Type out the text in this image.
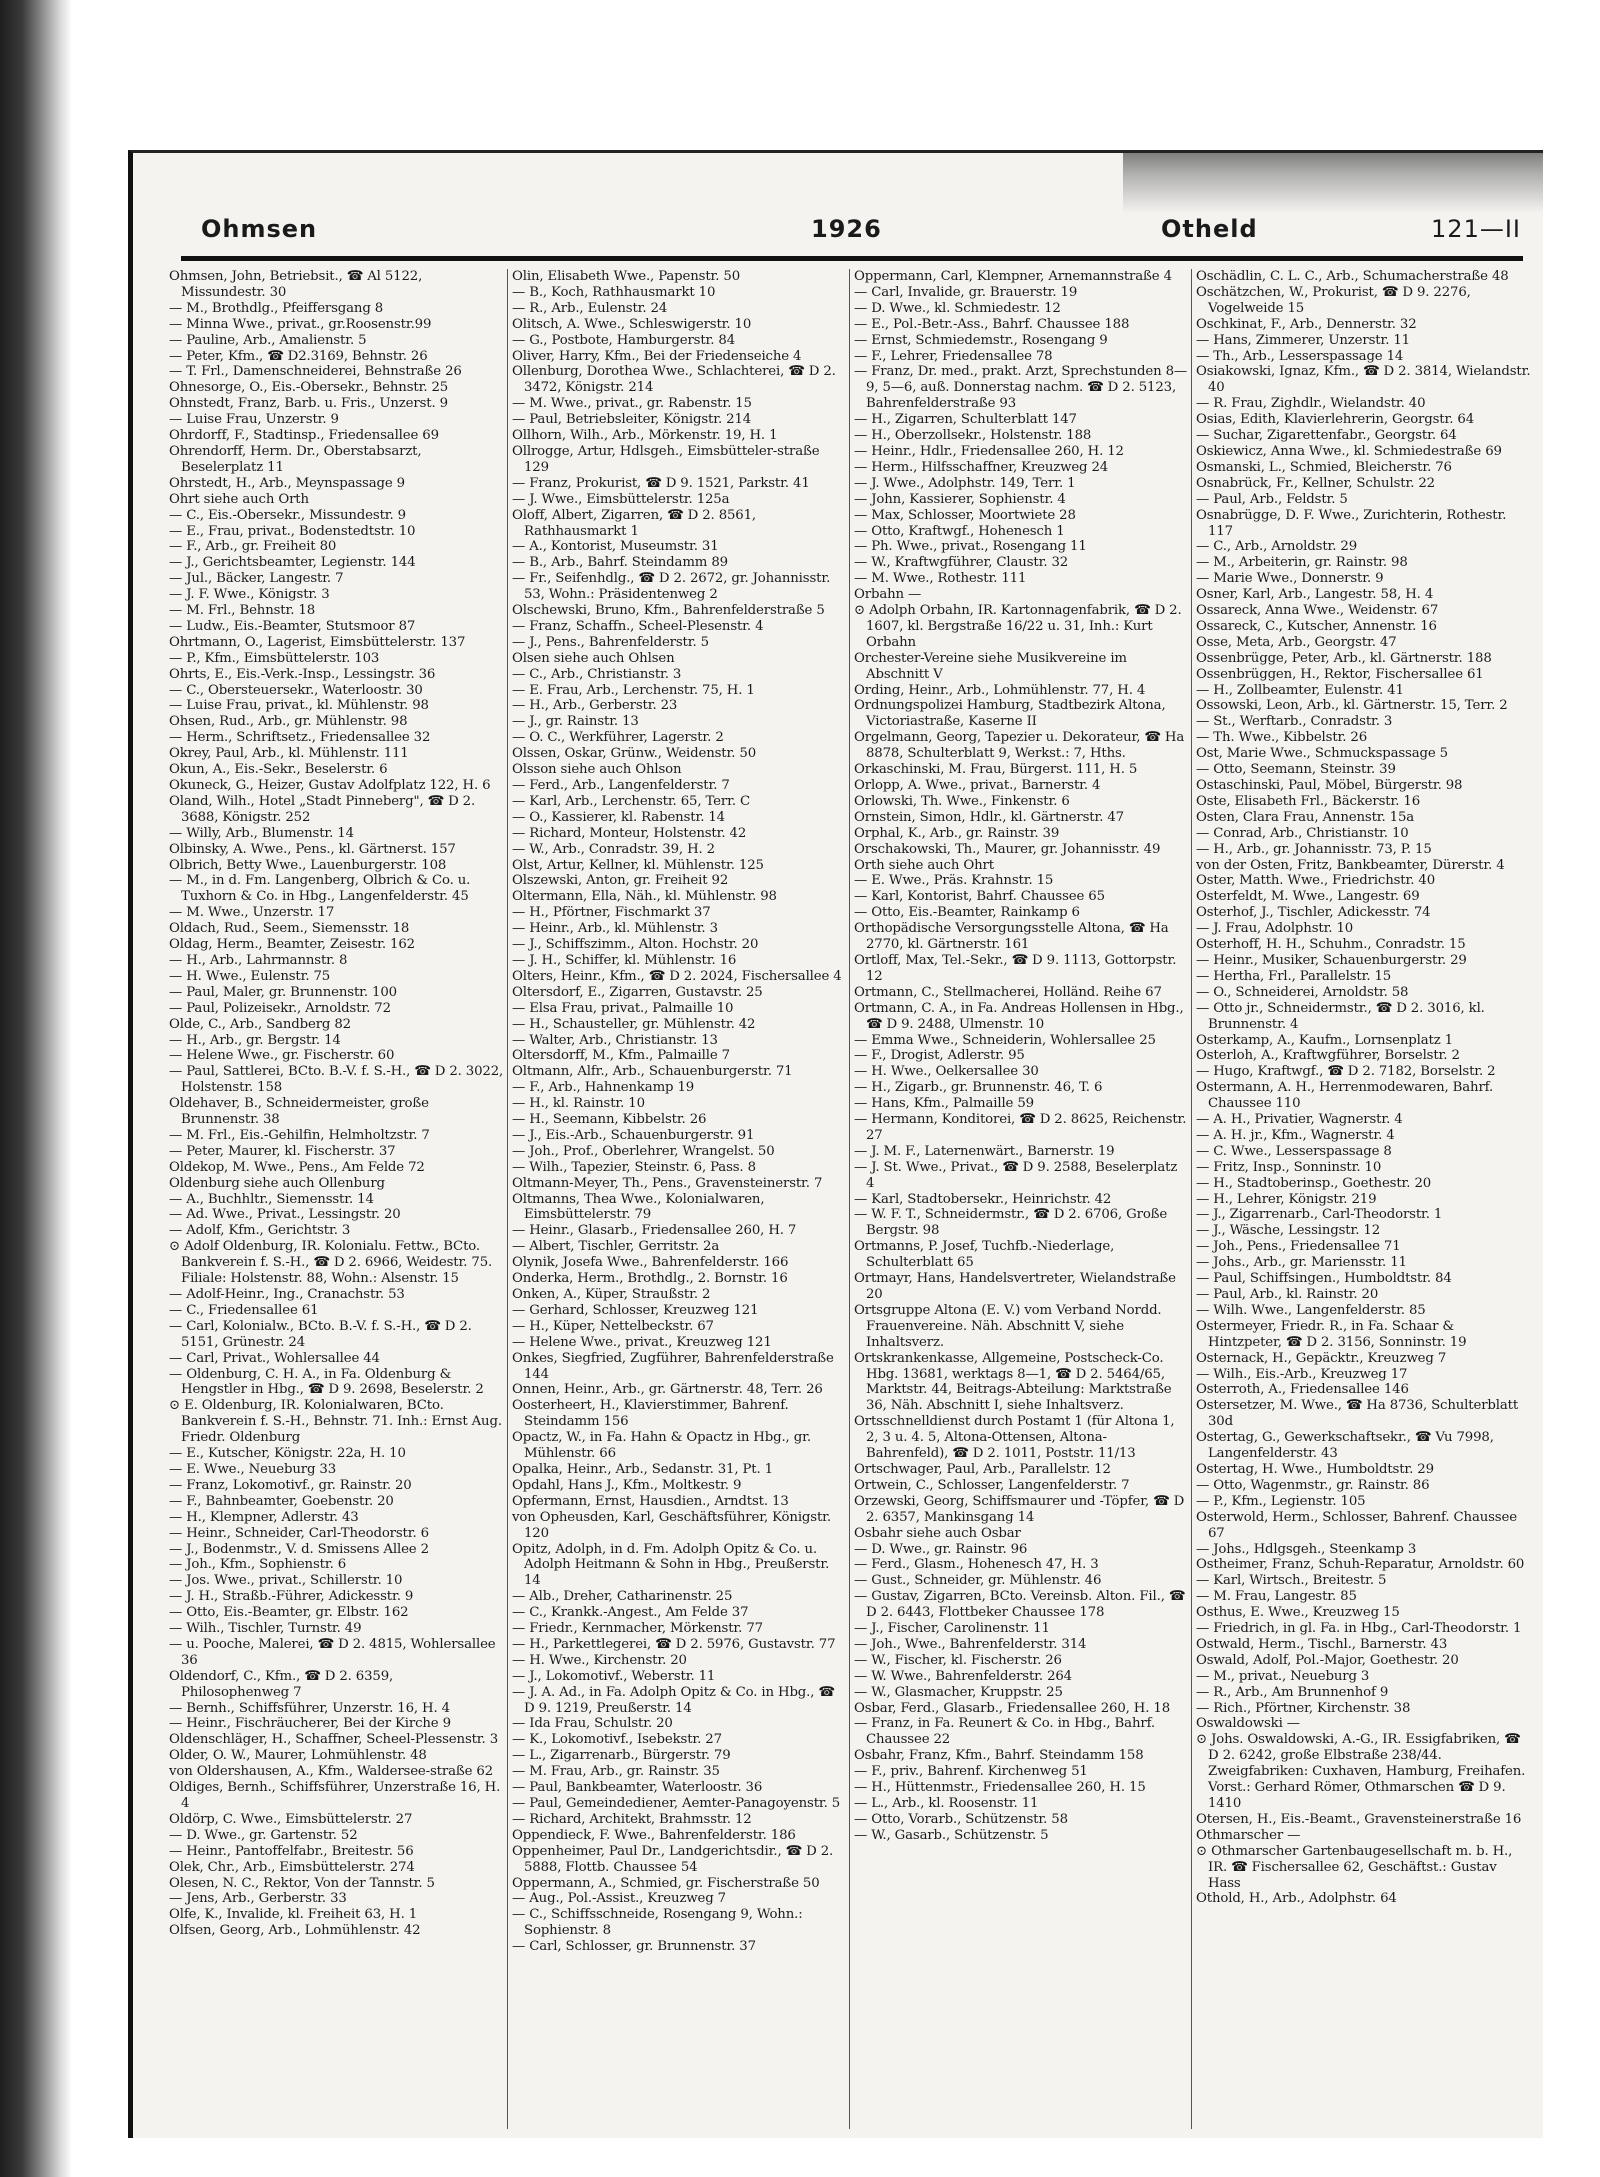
Ohmsen	1926	Otheld	121—II

Ohmsen, John, Betriebsit., ☎ Al 5122, Missundestr. 30

— M., Brothdlg., Pfeiffersgang 8

— Minna Wwe., privat., gr.Roosenstr.99

— Pauline, Arb., Amalienstr. 5

— Peter, Kfm., ☎ D2.3169, Behnstr. 26

— T. Frl., Damenschneiderei, Behnstraße 26

Ohnesorge, O., Eis.-Obersekr., Behnstr. 25

Ohnstedt, Franz, Barb. u. Fris., Unzerst. 9

— Luise Frau, Unzerstr. 9

Ohrdorff, F., Stadtinsp., Friedensallee 69

Ohrendorff, Herm. Dr., Oberstabsarzt, Beselerplatz 11

Ohrstedt, H., Arb., Meynspassage 9

Ohrt siehe auch Orth

— C., Eis.-Obersekr., Missundestr. 9

— E., Frau, privat., Bodenstedtstr. 10

— F., Arb., gr. Freiheit 80

— J., Gerichtsbeamter, Legienstr. 144

— Jul., Bäcker, Langestr. 7

— J. F. Wwe., Königstr. 3

— M. Frl., Behnstr. 18

— Ludw., Eis.-Beamter, Stutsmoor 87

Ohrtmann, O., Lagerist, Eimsbüttelerstr. 137

— P., Kfm., Eimsbüttelerstr. 103

Ohrts, E., Eis.-Verk.-Insp., Lessingstr. 36

— C., Obersteuersekr., Waterloostr. 30

— Luise Frau, privat., kl. Mühlenstr. 98

Ohsen, Rud., Arb., gr. Mühlenstr. 98

— Herm., Schriftsetz., Friedensallee 32

Okrey, Paul, Arb., kl. Mühlenstr. 111

Okun, A., Eis.-Sekr., Beselerstr. 6

Okuneck, G., Heizer, Gustav Adolfplatz 122, H. 6

Oland, Wilh., Hotel „Stadt Pinneberg", ☎ D 2. 3688, Königstr. 252

— Willy, Arb., Blumenstr. 14

Olbinsky, A. Wwe., Pens., kl. Gärtnerst. 157

Olbrich, Betty Wwe., Lauenburgerstr. 108

— M., in d. Fm. Langenberg, Olbrich & Co. u. Tuxhorn & Co. in Hbg., Langenfelderstr. 45

— M. Wwe., Unzerstr. 17

Oldach, Rud., Seem., Siemensstr. 18

Oldag, Herm., Beamter, Zeisestr. 162

— H., Arb., Lahrmannstr. 8

— H. Wwe., Eulenstr. 75

— Paul, Maler, gr. Brunnenstr. 100

— Paul, Polizeisekr., Arnoldstr. 72

Olde, C., Arb., Sandberg 82

— H., Arb., gr. Bergstr. 14

— Helene Wwe., gr. Fischerstr. 60

— Paul, Sattlerei, BCto. B.-V. f. S.-H., ☎ D 2. 3022, Holstenstr. 158

Oldehaver, B., Schneidermeister, große Brunnenstr. 38

— M. Frl., Eis.-Gehilfin, Helmholtzstr. 7

— Peter, Maurer, kl. Fischerstr. 37

Oldekop, M. Wwe., Pens., Am Felde 72

Oldenburg siehe auch Ollenburg

— A., Buchhltr., Siemensstr. 14

— Ad. Wwe., Privat., Lessingstr. 20

— Adolf, Kfm., Gerichtstr. 3

⊙ Adolf Oldenburg, IR. Kolonialu. Fettw., BCto. Bankverein f. S.-H., ☎ D 2. 6966, Weidestr. 75. Filiale: Holstenstr. 88, Wohn.: Alsenstr. 15

— Adolf-Heinr., Ing., Cranachstr. 53

— C., Friedensallee 61

— Carl, Kolonialw., BCto. B.-V. f. S.-H., ☎ D 2. 5151, Grünestr. 24

— Carl, Privat., Wohlersallee 44

— Oldenburg, C. H. A., in Fa. Oldenburg & Hengstler in Hbg., ☎ D 9. 2698, Beselerstr. 2

⊙ E. Oldenburg, IR. Kolonialwaren, BCto. Bankverein f. S.-H., Behnstr. 71. Inh.: Ernst Aug. Friedr. Oldenburg

— E., Kutscher, Königstr. 22a, H. 10

— E. Wwe., Neueburg 33

— Franz, Lokomotivf., gr. Rainstr. 20

— F., Bahnbeamter, Goebenstr. 20

— H., Klempner, Adlerstr. 43

— Heinr., Schneider, Carl-Theodorstr. 6

— J., Bodenmstr., V. d. Smissens Allee 2

— Joh., Kfm., Sophienstr. 6

— Jos. Wwe., privat., Schillerstr. 10

— J. H., Straßb.-Führer, Adickesstr. 9

— Otto, Eis.-Beamter, gr. Elbstr. 162

— Wilh., Tischler, Turnstr. 49

— u. Pooche, Malerei, ☎ D 2. 4815, Wohlersallee 36

Oldendorf, C., Kfm., ☎ D 2. 6359, Philosophenweg 7

— Bernh., Schiffsführer, Unzerstr. 16, H. 4

— Heinr., Fischräucherer, Bei der Kirche 9

Oldenschläger, H., Schaffner, Scheel-Plessenstr. 3

Older, O. W., Maurer, Lohmühlenstr. 48

von Oldershausen, A., Kfm., Waldersee-straße 62

Oldiges, Bernh., Schiffsführer, Unzerstraße 16, H. 4

Oldörp, C. Wwe., Eimsbüttelerstr. 27

— D. Wwe., gr. Gartenstr. 52

— Heinr., Pantoffelfabr., Breitestr. 56

Olek, Chr., Arb., Eimsbüttelerstr. 274

Olesen, N. C., Rektor, Von der Tannstr. 5

— Jens, Arb., Gerberstr. 33

Olfe, K., Invalide, kl. Freiheit 63, H. 1

Olfsen, Georg, Arb., Lohmühlenstr. 42

Olin, Elisabeth Wwe., Papenstr. 50

— B., Koch, Rathhausmarkt 10

— R., Arb., Eulenstr. 24

Olitsch, A. Wwe., Schleswigerstr. 10

— G., Postbote, Hamburgerstr. 84

Oliver, Harry, Kfm., Bei der Friedenseiche 4

Ollenburg, Dorothea Wwe., Schlachterei, ☎ D 2. 3472, Königstr. 214

— M. Wwe., privat., gr. Rabenstr. 15

— Paul, Betriebsleiter, Königstr. 214

Ollhorn, Wilh., Arb., Mörkenstr. 19, H. 1

Ollrogge, Artur, Hdlsgeh., Eimsbütteler-straße 129

— Franz, Prokurist, ☎ D 9. 1521, Parkstr. 41

— J. Wwe., Eimsbüttelerstr. 125a

Oloff, Albert, Zigarren, ☎ D 2. 8561, Rathhausmarkt 1

— A., Kontorist, Museumstr. 31

— B., Arb., Bahrf. Steindamm 89

— Fr., Seifenhdlg., ☎ D 2. 2672, gr. Johannisstr. 53, Wohn.: Präsidentenweg 2

Olschewski, Bruno, Kfm., Bahrenfelderstraße 5

— Franz, Schaffn., Scheel-Plesenstr. 4

— J., Pens., Bahrenfelderstr. 5

Olsen siehe auch Ohlsen

— C., Arb., Christianstr. 3

— E. Frau, Arb., Lerchenstr. 75, H. 1

— H., Arb., Gerberstr. 23

— J., gr. Rainstr. 13

— O. C., Werkführer, Lagerstr. 2

Olssen, Oskar, Grünw., Weidenstr. 50

Olsson siehe auch Ohlson

— Ferd., Arb., Langenfelderstr. 7

— Karl, Arb., Lerchenstr. 65, Terr. C

— O., Kassierer, kl. Rabenstr. 14

— Richard, Monteur, Holstenstr. 42

— W., Arb., Conradstr. 39, H. 2

Olst, Artur, Kellner, kl. Mühlenstr. 125

Olszewski, Anton, gr. Freiheit 92

Oltermann, Ella, Näh., kl. Mühlenstr. 98

— H., Pförtner, Fischmarkt 37

— Heinr., Arb., kl. Mühlenstr. 3

— J., Schiffszimm., Alton. Hochstr. 20

— J. H., Schiffer, kl. Mühlenstr. 16

Olters, Heinr., Kfm., ☎ D 2. 2024, Fischersallee 4

Oltersdorf, E., Zigarren, Gustavstr. 25

— Elsa Frau, privat., Palmaille 10

— H., Schausteller, gr. Mühlenstr. 42

— Walter, Arb., Christianstr. 13

Oltersdorff, M., Kfm., Palmaille 7

Oltmann, Alfr., Arb., Schauenburgerstr. 71

— F., Arb., Hahnenkamp 19

— H., kl. Rainstr. 10

— H., Seemann, Kibbelstr. 26

— J., Eis.-Arb., Schauenburgerstr. 91

— Joh., Prof., Oberlehrer, Wrangelst. 50

— Wilh., Tapezier, Steinstr. 6, Pass. 8

Oltmann-Meyer, Th., Pens., Gravensteinerstr. 7

Oltmanns, Thea Wwe., Kolonialwaren, Eimsbüttelerstr. 79

— Heinr., Glasarb., Friedensallee 260, H. 7

— Albert, Tischler, Gerritstr. 2a

Olynik, Josefa Wwe., Bahrenfelderstr. 166

Onderka, Herm., Brothdlg., 2. Bornstr. 16

Onken, A., Küper, Straußstr. 2

— Gerhard, Schlosser, Kreuzweg 121

— H., Küper, Nettelbeckstr. 67

— Helene Wwe., privat., Kreuzweg 121

Onkes, Siegfried, Zugführer, Bahrenfelderstraße 144

Onnen, Heinr., Arb., gr. Gärtnerstr. 48, Terr. 26

Oosterheert, H., Klavierstimmer, Bahrenf. Steindamm 156

Opactz, W., in Fa. Hahn & Opactz in Hbg., gr. Mühlenstr. 66

Opalka, Heinr., Arb., Sedanstr. 31, Pt. 1

Opdahl, Hans J., Kfm., Moltkestr. 9

Opfermann, Ernst, Hausdien., Arndtst. 13

von Opheusden, Karl, Geschäftsführer, Königstr. 120

Opitz, Adolph, in d. Fm. Adolph Opitz & Co. u. Adolph Heitmann & Sohn in Hbg., Preußerstr. 14

— Alb., Dreher, Catharinenstr. 25

— C., Krankk.-Angest., Am Felde 37

— Friedr., Kernmacher, Mörkenstr. 77

— H., Parkettlegerei, ☎ D 2. 5976, Gustavstr. 77

— H. Wwe., Kirchenstr. 20

— J., Lokomotivf., Weberstr. 11

— J. A. Ad., in Fa. Adolph Opitz & Co. in Hbg., ☎ D 9. 1219, Preußerstr. 14

— Ida Frau, Schulstr. 20

— K., Lokomotivf., Isebekstr. 27

— L., Zigarrenarb., Bürgerstr. 79

— M. Frau, Arb., gr. Rainstr. 35

— Paul, Bankbeamter, Waterloostr. 36

— Paul, Gemeindediener, Aemter-Panagoyenstr. 5

— Richard, Architekt, Brahmsstr. 12

Oppendieck, F. Wwe., Bahrenfelderstr. 186

Oppenheimer, Paul Dr., Landgerichtsdir., ☎ D 2. 5888, Flottb. Chaussee 54

Oppermann, A., Schmied, gr. Fischerstraße 50

— Aug., Pol.-Assist., Kreuzweg 7

— C., Schiffsschneide, Rosengang 9, Wohn.: Sophienstr. 8

— Carl, Schlosser, gr. Brunnenstr. 37

Oppermann, Carl, Klempner, Arnemannstraße 4

— Carl, Invalide, gr. Brauerstr. 19

— D. Wwe., kl. Schmiedestr. 12

— E., Pol.-Betr.-Ass., Bahrf. Chaussee 188

— Ernst, Schmiedemstr., Rosengang 9

— F., Lehrer, Friedensallee 78

— Franz, Dr. med., prakt. Arzt, Sprechstunden 8—9, 5—6, auß. Donnerstag nachm. ☎ D 2. 5123, Bahrenfelderstraße 93

— H., Zigarren, Schulterblatt 147

— H., Oberzollsekr., Holstenstr. 188

— Heinr., Hdlr., Friedensallee 260, H. 12

— Herm., Hilfsschaffner, Kreuzweg 24

— J. Wwe., Adolphstr. 149, Terr. 1

— John, Kassierer, Sophienstr. 4

— Max, Schlosser, Moortwiete 28

— Otto, Kraftwgf., Hohenesch 1

— Ph. Wwe., privat., Rosengang 11

— W., Kraftwgführer, Claustr. 32

— M. Wwe., Rothestr. 111

Orbahn —

⊙ Adolph Orbahn, IR. Kartonnagenfabrik, ☎ D 2. 1607, kl. Bergstraße 16/22 u. 31, Inh.: Kurt Orbahn

Orchester-Vereine siehe Musikvereine im Abschnitt V

Ording, Heinr., Arb., Lohmühlenstr. 77, H. 4

Ordnungspolizei Hamburg, Stadtbezirk Altona, Victoriastraße, Kaserne II

Orgelmann, Georg, Tapezier u. Dekorateur, ☎ Ha 8878, Schulterblatt 9, Werkst.: 7, Hths.

Orkaschinski, M. Frau, Bürgerst. 111, H. 5

Orlopp, A. Wwe., privat., Barnerstr. 4

Orlowski, Th. Wwe., Finkenstr. 6

Ornstein, Simon, Hdlr., kl. Gärtnerstr. 47

Orphal, K., Arb., gr. Rainstr. 39

Orschakowski, Th., Maurer, gr. Johannisstr. 49

Orth siehe auch Ohrt

— E. Wwe., Präs. Krahnstr. 15

— Karl, Kontorist, Bahrf. Chaussee 65

— Otto, Eis.-Beamter, Rainkamp 6

Orthopädische Versorgungsstelle Altona, ☎ Ha 2770, kl. Gärtnerstr. 161

Ortloff, Max, Tel.-Sekr., ☎ D 9. 1113, Gottorpstr. 12

Ortmann, C., Stellmacherei, Holländ. Reihe 67

Ortmann, C. A., in Fa. Andreas Hollensen in Hbg., ☎ D 9. 2488, Ulmenstr. 10

— Emma Wwe., Schneiderin, Wohlersallee 25

— F., Drogist, Adlerstr. 95

— H. Wwe., Oelkersallee 30

— H., Zigarb., gr. Brunnenstr. 46, T. 6

— Hans, Kfm., Palmaille 59

— Hermann, Konditorei, ☎ D 2. 8625, Reichenstr. 27

— J. M. F., Laternenwärt., Barnerstr. 19

— J. St. Wwe., Privat., ☎ D 9. 2588, Beselerplatz 4

— Karl, Stadtobersekr., Heinrichstr. 42

— W. F. T., Schneidermstr., ☎ D 2. 6706, Große Bergstr. 98

Ortmanns, P. Josef, Tuchfb.-Niederlage, Schulterblatt 65

Ortmayr, Hans, Handelsvertreter, Wielandstraße 20

Ortsgruppe Altona (E. V.) vom Verband Nordd. Frauenvereine. Näh. Abschnitt V, siehe Inhaltsverz.

Ortskrankenkasse, Allgemeine, Postscheck-Co. Hbg. 13681, werktags 8—1, ☎ D 2. 5464/65, Marktstr. 44, Beitrags-Abteilung: Marktstraße 36, Näh. Abschnitt I, siehe Inhaltsverz.

Ortsschnelldienst durch Postamt 1 (für Altona 1, 2, 3 u. 4. 5, Altona-Ottensen, Altona-Bahrenfeld), ☎ D 2. 1011, Poststr. 11/13

Ortschwager, Paul, Arb., Parallelstr. 12

Ortwein, C., Schlosser, Langenfelderstr. 7

Orzewski, Georg, Schiffsmaurer und -Töpfer, ☎ D 2. 6357, Mankinsgang 14

Osbahr siehe auch Osbar

— D. Wwe., gr. Rainstr. 96

— Ferd., Glasm., Hohenesch 47, H. 3

— Gust., Schneider, gr. Mühlenstr. 46

— Gustav, Zigarren, BCto. Vereinsb. Alton. Fil., ☎ D 2. 6443, Flottbeker Chaussee 178

— J., Fischer, Carolinenstr. 11

— Joh., Wwe., Bahrenfelderstr. 314

— W., Fischer, kl. Fischerstr. 26

— W. Wwe., Bahrenfelderstr. 264

— W., Glasmacher, Kruppstr. 25

Osbar, Ferd., Glasarb., Friedensallee 260, H. 18

— Franz, in Fa. Reunert & Co. in Hbg., Bahrf. Chaussee 22

Osbahr, Franz, Kfm., Bahrf. Steindamm 158

— F., priv., Bahrenf. Kirchenweg 51

— H., Hüttenmstr., Friedensallee 260, H. 15

— L., Arb., kl. Roosenstr. 11

— Otto, Vorarb., Schützenstr. 58

— W., Gasarb., Schützenstr. 5

Oschädlin, C. L. C., Arb., Schumacherstraße 48

Oschätzchen, W., Prokurist, ☎ D 9. 2276, Vogelweide 15

Oschkinat, F., Arb., Dennerstr. 32

— Hans, Zimmerer, Unzerstr. 11

— Th., Arb., Lesserspassage 14

Osiakowski, Ignaz, Kfm., ☎ D 2. 3814, Wielandstr. 40

— R. Frau, Zighdlr., Wielandstr. 40

Osias, Edith, Klavierlehrerin, Georgstr. 64

— Suchar, Zigarettenfabr., Georgstr. 64

Oskiewicz, Anna Wwe., kl. Schmiedestraße 69

Osmanski, L., Schmied, Bleicherstr. 76

Osnabrück, Fr., Kellner, Schulstr. 22

— Paul, Arb., Feldstr. 5

Osnabrügge, D. F. Wwe., Zurichterin, Rothestr. 117

— C., Arb., Arnoldstr. 29

— M., Arbeiterin, gr. Rainstr. 98

— Marie Wwe., Donnerstr. 9

Osner, Karl, Arb., Langestr. 58, H. 4

Ossareck, Anna Wwe., Weidenstr. 67

Ossareck, C., Kutscher, Annenstr. 16

Osse, Meta, Arb., Georgstr. 47

Ossenbrügge, Peter, Arb., kl. Gärtnerstr. 188

Ossenbrüggen, H., Rektor, Fischersallee 61

— H., Zollbeamter, Eulenstr. 41

Ossowski, Leon, Arb., kl. Gärtnerstr. 15, Terr. 2

— St., Werftarb., Conradstr. 3

— Th. Wwe., Kibbelstr. 26

Ost, Marie Wwe., Schmuckspassage 5

— Otto, Seemann, Steinstr. 39

Ostaschinski, Paul, Möbel, Bürgerstr. 98

Oste, Elisabeth Frl., Bäckerstr. 16

Osten, Clara Frau, Annenstr. 15a

— Conrad, Arb., Christianstr. 10

— H., Arb., gr. Johannisstr. 73, P. 15

von der Osten, Fritz, Bankbeamter, Dürerstr. 4

Oster, Matth. Wwe., Friedrichstr. 40

Osterfeldt, M. Wwe., Langestr. 69

Osterhof, J., Tischler, Adickesstr. 74

— J. Frau, Adolphstr. 10

Osterhoff, H. H., Schuhm., Conradstr. 15

— Heinr., Musiker, Schauenburgerstr. 29

— Hertha, Frl., Parallelstr. 15

— O., Schneiderei, Arnoldstr. 58

— Otto jr., Schneidermstr., ☎ D 2. 3016, kl. Brunnenstr. 4

Osterkamp, A., Kaufm., Lornsenplatz 1

Osterloh, A., Kraftwgführer, Borselstr. 2

— Hugo, Kraftwgf., ☎ D 2. 7182, Borselstr. 2

Ostermann, A. H., Herrenmodewaren, Bahrf. Chaussee 110

— A. H., Privatier, Wagnerstr. 4

— A. H. jr., Kfm., Wagnerstr. 4

— C. Wwe., Lesserspassage 8

— Fritz, Insp., Sonninstr. 10

— H., Stadtoberinsp., Goethestr. 20

— H., Lehrer, Königstr. 219

— J., Zigarrenarb., Carl-Theodorstr. 1

— J., Wäsche, Lessingstr. 12

— Joh., Pens., Friedensallee 71

— Johs., Arb., gr. Mariensstr. 11

— Paul, Schiffsingen., Humboldtstr. 84

— Paul, Arb., kl. Rainstr. 20

— Wilh. Wwe., Langenfelderstr. 85

Ostermeyer, Friedr. R., in Fa. Schaar & Hintzpeter, ☎ D 2. 3156, Sonninstr. 19

Osternack, H., Gepäcktr., Kreuzweg 7

— Wilh., Eis.-Arb., Kreuzweg 17

Osterroth, A., Friedensallee 146

Ostersetzer, M. Wwe., ☎ Ha 8736, Schulterblatt 30d

Ostertag, G., Gewerkschaftsekr., ☎ Vu 7998, Langenfelderstr. 43

Ostertag, H. Wwe., Humboldtstr. 29

— Otto, Wagenmstr., gr. Rainstr. 86

— P., Kfm., Legienstr. 105

Osterwold, Herm., Schlosser, Bahrenf. Chaussee 67

— Johs., Hdlgsgeh., Steenkamp 3

Ostheimer, Franz, Schuh-Reparatur, Arnoldstr. 60

— Karl, Wirtsch., Breitestr. 5

— M. Frau, Langestr. 85

Osthus, E. Wwe., Kreuzweg 15

— Friedrich, in gl. Fa. in Hbg., Carl-Theodorstr. 1

Ostwald, Herm., Tischl., Barnerstr. 43

Oswald, Adolf, Pol.-Major, Goethestr. 20

— M., privat., Neueburg 3

— R., Arb., Am Brunnenhof 9

— Rich., Pförtner, Kirchenstr. 38

Oswaldowski —

⊙ Johs. Oswaldowski, A.-G., IR. Essigfabriken, ☎ D 2. 6242, große Elbstraße 238/44. Zweigfabriken: Cuxhaven, Hamburg, Freihafen. Vorst.: Gerhard Römer, Othmarschen ☎ D 9. 1410

Otersen, H., Eis.-Beamt., Gravensteinerstraße 16

Othmarscher —

⊙ Othmarscher Gartenbaugesellschaft m. b. H., IR. ☎ Fischersallee 62, Geschäftst.: Gustav Hass

Othold, H., Arb., Adolphstr. 64
